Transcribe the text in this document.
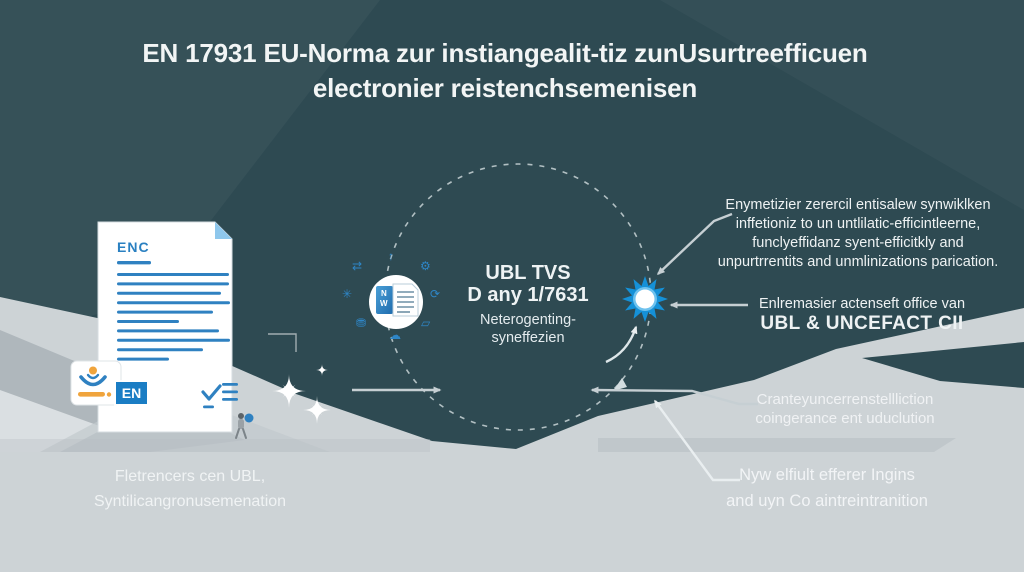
EN 17931 EU-Norma zur instiangealit-tiz zunUsurtreefficuen
electronier reistenchsemenisen
ENC
EN
N
W
↑
⚙
⟳
▱
☁
⛃
✳
⇄	UBL TVS
D any 1/7631
Neterogenting-
syneffezien
Enymetizier zerercil entisalew synwiklken
inffetioniz to un untlilatic-efficintleerne,
funclyeffidanz syent-efficitkly and
unpurtrrentits and unmlinizations parication.
Enlremasier actenseft office van
UBL & UNCEFACT CII
Cranteyuncerrenstellliction
coingerance ent uduclution
Nyw elfiult efferer Ingins
and uyn Co aintreintranition
Fletrencers cen UBL,
Syntilicangronusemenation
